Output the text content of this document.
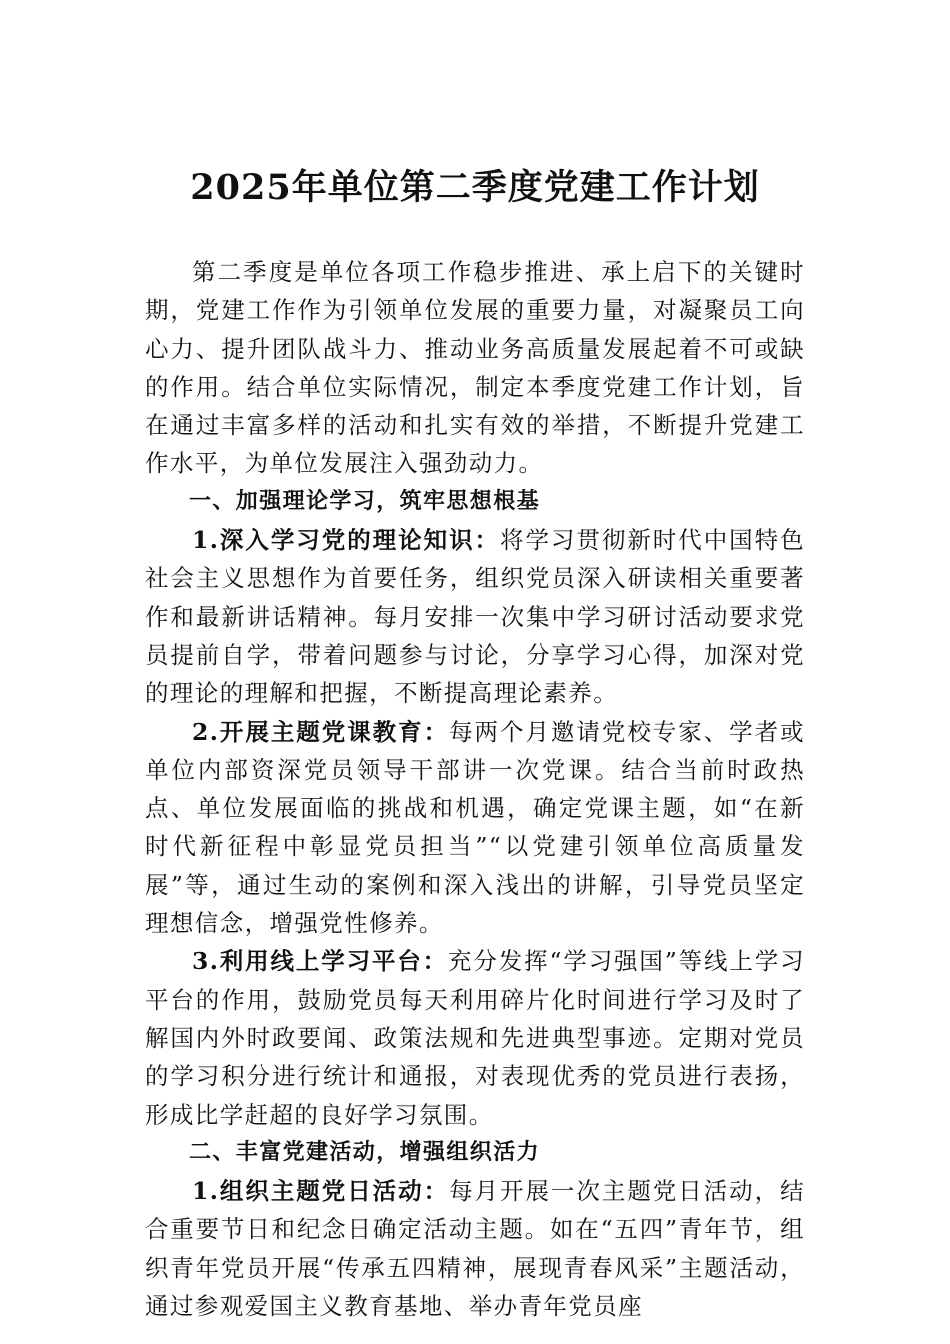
2025年单位第二季度党建工作计划

第二季度是单位各项工作稳步推进、承上启下的关键时期，党建工作作为引领单位发展的重要力量，对凝聚员工向心力、提升团队战斗力、推动业务高质量发展起着不可或缺的作用。结合单位实际情况，制定本季度党建工作计划，旨在通过丰富多样的活动和扎实有效的举措，不断提升党建工作水平，为单位发展注入强劲动力。

一、加强理论学习，筑牢思想根基

1.深入学习党的理论知识：将学习贯彻新时代中国特色社会主义思想作为首要任务，组织党员深入研读相关重要著作和最新讲话精神。每月安排一次集中学习研讨活动要求党员提前自学，带着问题参与讨论，分享学习心得，加深对党的理论的理解和把握，不断提高理论素养。

2.开展主题党课教育：每两个月邀请党校专家、学者或单位内部资深党员领导干部讲一次党课。结合当前时政热点、单位发展面临的挑战和机遇，确定党课主题，如“在新时代新征程中彰显党员担当”“以党建引领单位高质量发展”等，通过生动的案例和深入浅出的讲解，引导党员坚定理想信念，增强党性修养。

3.利用线上学习平台：充分发挥“学习强国”等线上学习平台的作用，鼓励党员每天利用碎片化时间进行学习及时了解国内外时政要闻、政策法规和先进典型事迹。定期对党员的学习积分进行统计和通报，对表现优秀的党员进行表扬，形成比学赶超的良好学习氛围。

二、丰富党建活动，增强组织活力

1.组织主题党日活动：每月开展一次主题党日活动，结合重要节日和纪念日确定活动主题。如在“五四”青年节，组织青年党员开展“传承五四精神，展现青春风采”主题活动，通过参观爱国主义教育基地、举办青年党员座
